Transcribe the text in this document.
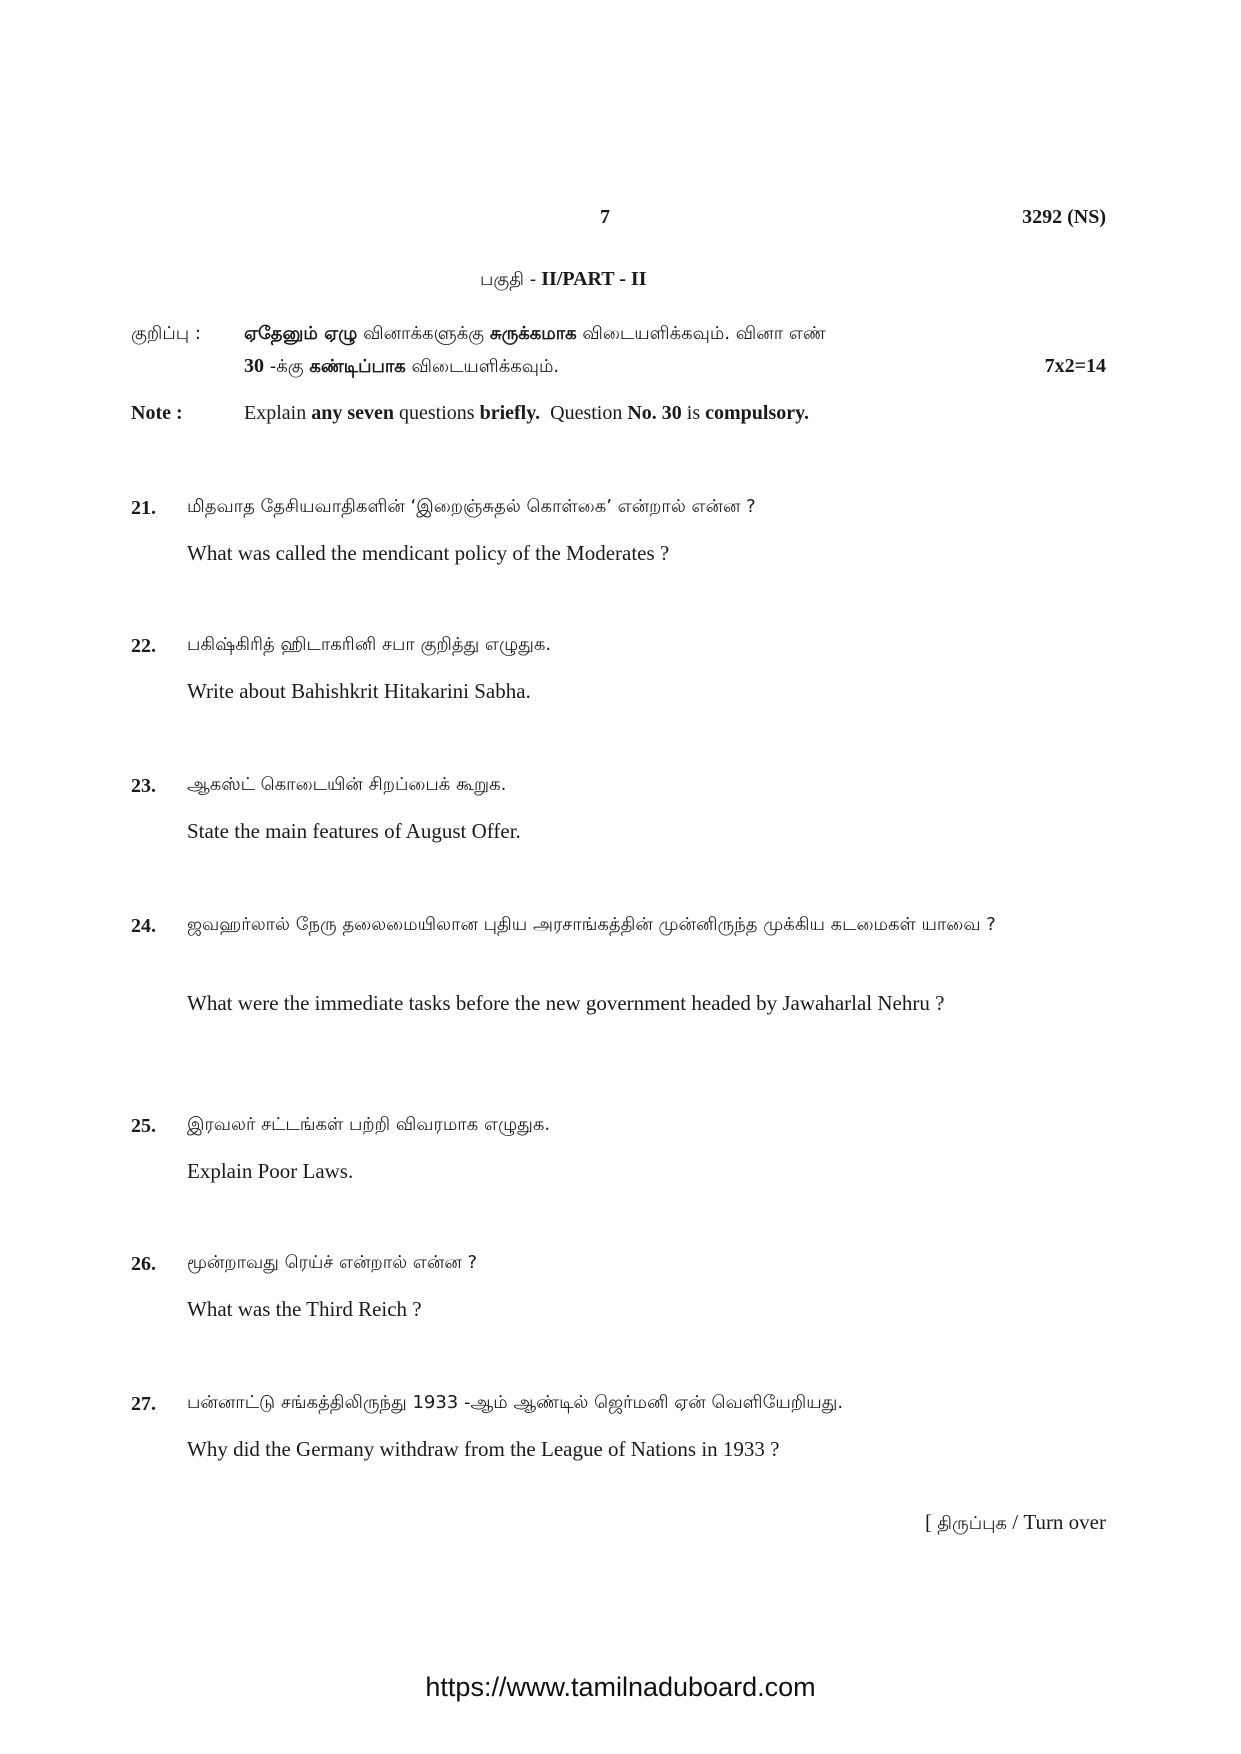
7	3292 (NS)
பகுதி - II/PART - II
குறிப்பு : ஏதேனும் ஏழு வினாக்களுக்கு சுருக்கமாக விடையளிக்கவும். வினா எண்
30 -க்கு கண்டிப்பாக விடையளிக்கவும்.	7x2=14
Note :	Explain any seven questions briefly.  Question No. 30 is compulsory.
21. மிதவாத தேசியவாதிகளின் ‘இறைஞ்சுதல் கொள்கை’ என்றால் என்ன ?
What was called the mendicant policy of the Moderates ?
22. பகிஷ்கிரித் ஹிடாகரினி சபா குறித்து எழுதுக.
Write about Bahishkrit Hitakarini Sabha.
23. ஆகஸ்ட் கொடையின் சிறப்பைக் கூறுக.
State the main features of August Offer.
24. ஜவஹர்லால் நேரு தலைமையிலான புதிய அரசாங்கத்தின் முன்னிருந்த முக்கிய கடமைகள் யாவை ?
What were the immediate tasks before the new government headed by Jawaharlal Nehru ?
25. இரவலர் சட்டங்கள் பற்றி விவரமாக எழுதுக.
Explain Poor Laws.
26. மூன்றாவது ரெய்ச் என்றால் என்ன ?
What was the Third Reich ?
27. பன்னாட்டு சங்கத்திலிருந்து 1933 -ஆம் ஆண்டில் ஜெர்மனி ஏன் வெளியேறியது.
Why did the Germany withdraw from the League of Nations in 1933 ?
[ திருப்புக / Turn over
https://www.tamilnaduboard.com
